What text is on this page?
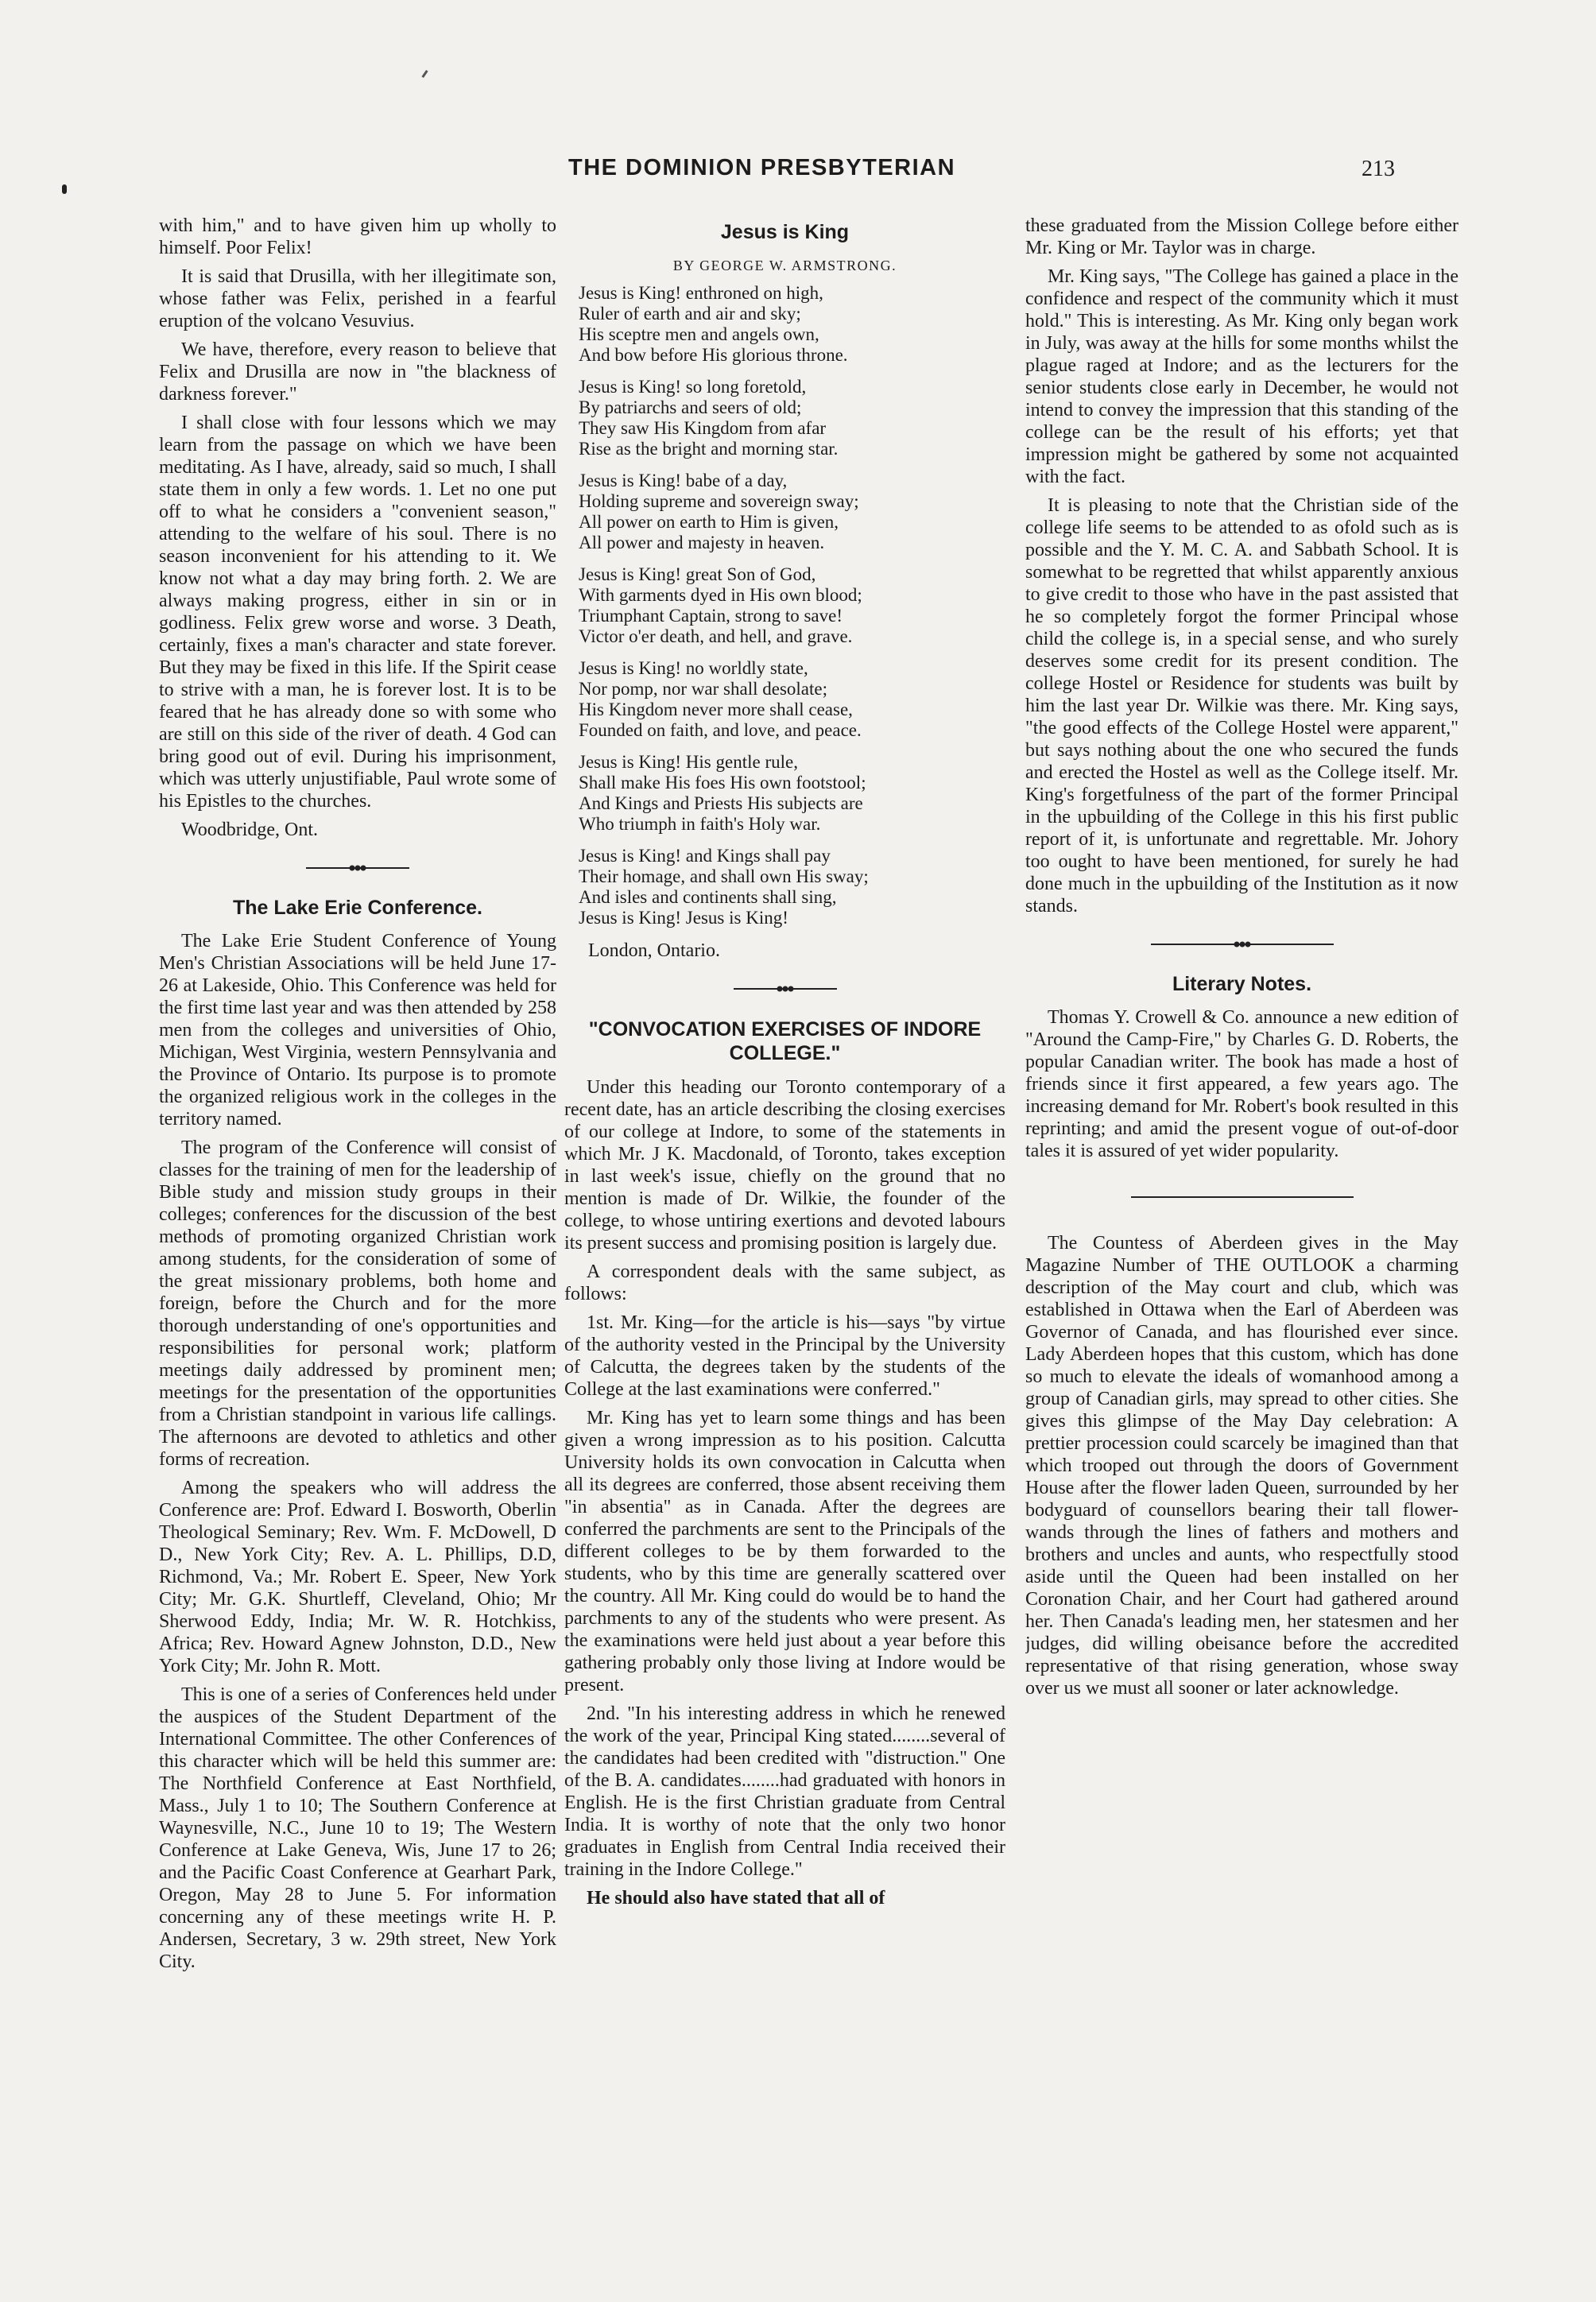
THE DOMINION PRESBYTERIAN	213

with him," and to have given him up wholly to himself. Poor Felix!

It is said that Drusilla, with her illegitimate son, whose father was Felix, perished in a fearful eruption of the volcano Vesuvius.

We have, therefore, every reason to believe that Felix and Drusilla are now in "the blackness of darkness forever."

I shall close with four lessons which we may learn from the passage on which we have been meditating. As I have, already, said so much, I shall state them in only a few words. 1. Let no one put off to what he considers a "convenient season," attending to the welfare of his soul. There is no season inconvenient for his attending to it. We know not what a day may bring forth. 2. We are always making progress, either in sin or in godliness. Felix grew worse and worse. 3 Death, certainly, fixes a man's character and state forever. But they may be fixed in this life. If the Spirit cease to strive with a man, he is forever lost. It is to be feared that he has already done so with some who are still on this side of the river of death. 4 God can bring good out of evil. During his imprisonment, which was utterly unjustifiable, Paul wrote some of his Epistles to the churches.

Woodbridge, Ont.

The Lake Erie Conference.

The Lake Erie Student Conference of Young Men's Christian Associations will be held June 17-26 at Lakeside, Ohio. This Conference was held for the first time last year and was then attended by 258 men from the colleges and universities of Ohio, Michigan, West Virginia, western Pennsylvania and the Province of Ontario. Its purpose is to promote the organized religious work in the colleges in the territory named.

The program of the Conference will consist of classes for the training of men for the leadership of Bible study and mission study groups in their colleges; conferences for the discussion of the best methods of promoting organized Christian work among students, for the consideration of some of the great missionary problems, both home and foreign, before the Church and for the more thorough understanding of one's opportunities and responsibilities for personal work; platform meetings daily addressed by prominent men; meetings for the presentation of the opportunities from a Christian standpoint in various life callings. The afternoons are devoted to athletics and other forms of recreation.

Among the speakers who will address the Conference are: Prof. Edward I. Bosworth, Oberlin Theological Seminary; Rev. Wm. F. McDowell, D D., New York City; Rev. A. L. Phillips, D.D, Richmond, Va.; Mr. Robert E. Speer, New York City; Mr. G.K. Shurtleff, Cleveland, Ohio; Mr Sherwood Eddy, India; Mr. W. R. Hotchkiss, Africa; Rev. Howard Agnew Johnston, D.D., New York City; Mr. John R. Mott.

This is one of a series of Conferences held under the auspices of the Student Department of the International Committee. The other Conferences of this character which will be held this summer are: The Northfield Conference at East Northfield, Mass., July 1 to 10; The Southern Conference at Waynesville, N.C., June 10 to 19; The Western Conference at Lake Geneva, Wis, June 17 to 26; and the Pacific Coast Conference at Gearhart Park, Oregon, May 28 to June 5. For information concerning any of these meetings write H. P. Andersen, Secretary, 3 w. 29th street, New York City.

Jesus is King
BY GEORGE W. ARMSTRONG.
Jesus is King! enthroned on high,
Ruler of earth and air and sky;
His sceptre men and angels own,
And bow before His glorious throne.
Jesus is King! so long foretold,
By patriarchs and seers of old;
They saw His Kingdom from afar
Rise as the bright and morning star.
Jesus is King! babe of a day,
Holding supreme and sovereign sway;
All power on earth to Him is given,
All power and majesty in heaven.
Jesus is King! great Son of God,
With garments dyed in His own blood;
Triumphant Captain, strong to save!
Victor o'er death, and hell, and grave.
Jesus is King! no worldly state,
Nor pomp, nor war shall desolate;
His Kingdom never more shall cease,
Founded on faith, and love, and peace.
Jesus is King! His gentle rule,
Shall make His foes His own footstool;
And Kings and Priests His subjects are
Who triumph in faith's Holy war.
Jesus is King! and Kings shall pay
Their homage, and shall own His sway;
And isles and continents shall sing,
Jesus is King! Jesus is King!
London, Ontario.
"CONVOCATION EXERCISES OF INDORE COLLEGE."

Under this heading our Toronto contemporary of a recent date, has an article describing the closing exercises of our college at Indore, to some of the statements in which Mr. J K. Macdonald, of Toronto, takes exception in last week's issue, chiefly on the ground that no mention is made of Dr. Wilkie, the founder of the college, to whose untiring exertions and devoted labours its present success and promising position is largely due.

A correspondent deals with the same subject, as follows:

1st. Mr. King—for the article is his—says "by virtue of the authority vested in the Principal by the University of Calcutta, the degrees taken by the students of the College at the last examinations were conferred."

Mr. King has yet to learn some things and has been given a wrong impression as to his position. Calcutta University holds its own convocation in Calcutta when all its degrees are conferred, those absent receiving them "in absentia" as in Canada. After the degrees are conferred the parchments are sent to the Principals of the different colleges to be by them forwarded to the students, who by this time are generally scattered over the country. All Mr. King could do would be to hand the parchments to any of the students who were present. As the examinations were held just about a year before this gathering probably only those living at Indore would be present.

2nd. "In his interesting address in which he renewed the work of the year, Principal King stated........several of the candidates had been credited with "distruction." One of the B. A. candidates........had graduated with honors in English. He is the first Christian graduate from Central India. It is worthy of note that the only two honor graduates in English from Central India received their training in the Indore College."

He should also have stated that all of

these graduated from the Mission College before either Mr. King or Mr. Taylor was in charge.

Mr. King says, "The College has gained a place in the confidence and respect of the community which it must hold." This is interesting. As Mr. King only began work in July, was away at the hills for some months whilst the plague raged at Indore; and as the lecturers for the senior students close early in December, he would not intend to convey the impression that this standing of the college can be the result of his efforts; yet that impression might be gathered by some not acquainted with the fact.

It is pleasing to note that the Christian side of the college life seems to be attended to as ofold such as is possible and the Y. M. C. A. and Sabbath School. It is somewhat to be regretted that whilst apparently anxious to give credit to those who have in the past assisted that he so completely forgot the former Principal whose child the college is, in a special sense, and who surely deserves some credit for its present condition. The college Hostel or Residence for students was built by him the last year Dr. Wilkie was there. Mr. King says, "the good effects of the College Hostel were apparent," but says nothing about the one who secured the funds and erected the Hostel as well as the College itself. Mr. King's forgetfulness of the part of the former Principal in the upbuilding of the College in this his first public report of it, is unfortunate and regrettable. Mr. Johory too ought to have been mentioned, for surely he had done much in the upbuilding of the Institution as it now stands.

Literary Notes.

Thomas Y. Crowell & Co. announce a new edition of "Around the Camp-Fire," by Charles G. D. Roberts, the popular Canadian writer. The book has made a host of friends since it first appeared, a few years ago. The increasing demand for Mr. Robert's book resulted in this reprinting; and amid the present vogue of out-of-door tales it is assured of yet wider popularity.

The Countess of Aberdeen gives in the May Magazine Number of THE OUTLOOK a charming description of the May court and club, which was established in Ottawa when the Earl of Aberdeen was Governor of Canada, and has flourished ever since. Lady Aberdeen hopes that this custom, which has done so much to elevate the ideals of womanhood among a group of Canadian girls, may spread to other cities. She gives this glimpse of the May Day celebration: A prettier procession could scarcely be imagined than that which trooped out through the doors of Government House after the flower laden Queen, surrounded by her bodyguard of counsellors bearing their tall flower-wands through the lines of fathers and mothers and brothers and uncles and aunts, who respectfully stood aside until the Queen had been installed on her Coronation Chair, and her Court had gathered around her. Then Canada's leading men, her statesmen and her judges, did willing obeisance before the accredited representative of that rising generation, whose sway over us we must all sooner or later acknowledge.
